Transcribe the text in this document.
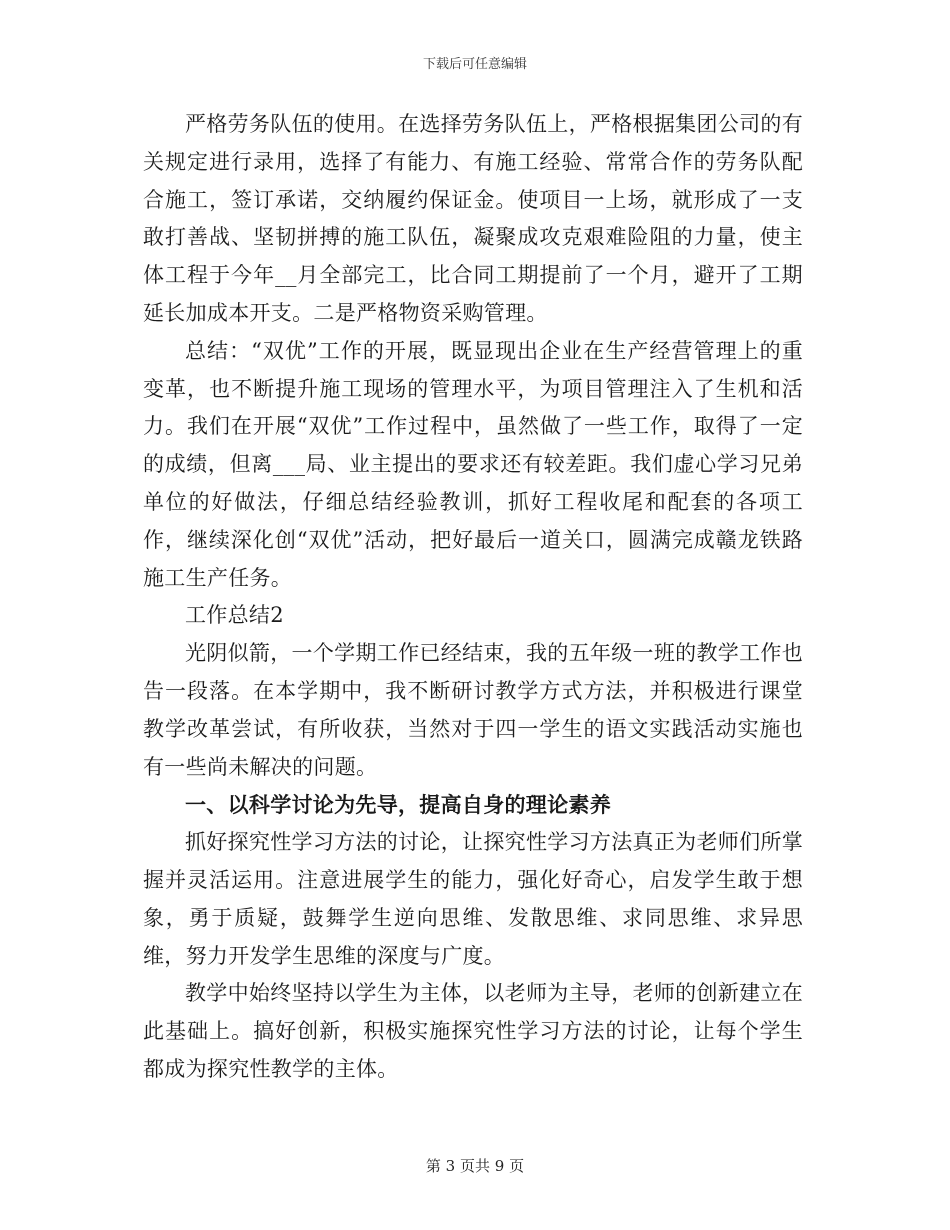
下载后可任意编辑

严格劳务队伍的使用。在选择劳务队伍上，严格根据集团公司的有关规定进行录用，选择了有能力、有施工经验、常常合作的劳务队配合施工，签订承诺，交纳履约保证金。使项目一上场，就形成了一支敢打善战、坚韧拼搏的施工队伍，凝聚成攻克艰难险阻的力量，使主体工程于今年__月全部完工，比合同工期提前了一个月，避开了工期延长加成本开支。二是严格物资采购管理。

总结：“双优”工作的开展，既显现出企业在生产经营管理上的重变革，也不断提升施工现场的管理水平，为项目管理注入了生机和活力。我们在开展“双优”工作过程中，虽然做了一些工作，取得了一定的成绩，但离___局、业主提出的要求还有较差距。我们虚心学习兄弟单位的好做法，仔细总结经验教训，抓好工程收尾和配套的各项工作，继续深化创“双优”活动，把好最后一道关口，圆满完成赣龙铁路施工生产任务。

工作总结2

光阴似箭，一个学期工作已经结束，我的五年级一班的教学工作也告一段落。在本学期中，我不断研讨教学方式方法，并积极进行课堂教学改革尝试，有所收获，当然对于四一学生的语文实践活动实施也有一些尚未解决的问题。

一、以科学讨论为先导，提高自身的理论素养

抓好探究性学习方法的讨论，让探究性学习方法真正为老师们所掌握并灵活运用。注意进展学生的能力，强化好奇心，启发学生敢于想象，勇于质疑，鼓舞学生逆向思维、发散思维、求同思维、求异思维，努力开发学生思维的深度与广度。

教学中始终坚持以学生为主体，以老师为主导，老师的创新建立在此基础上。搞好创新，积极实施探究性学习方法的讨论，让每个学生都成为探究性教学的主体。

第 3 页共 9 页
